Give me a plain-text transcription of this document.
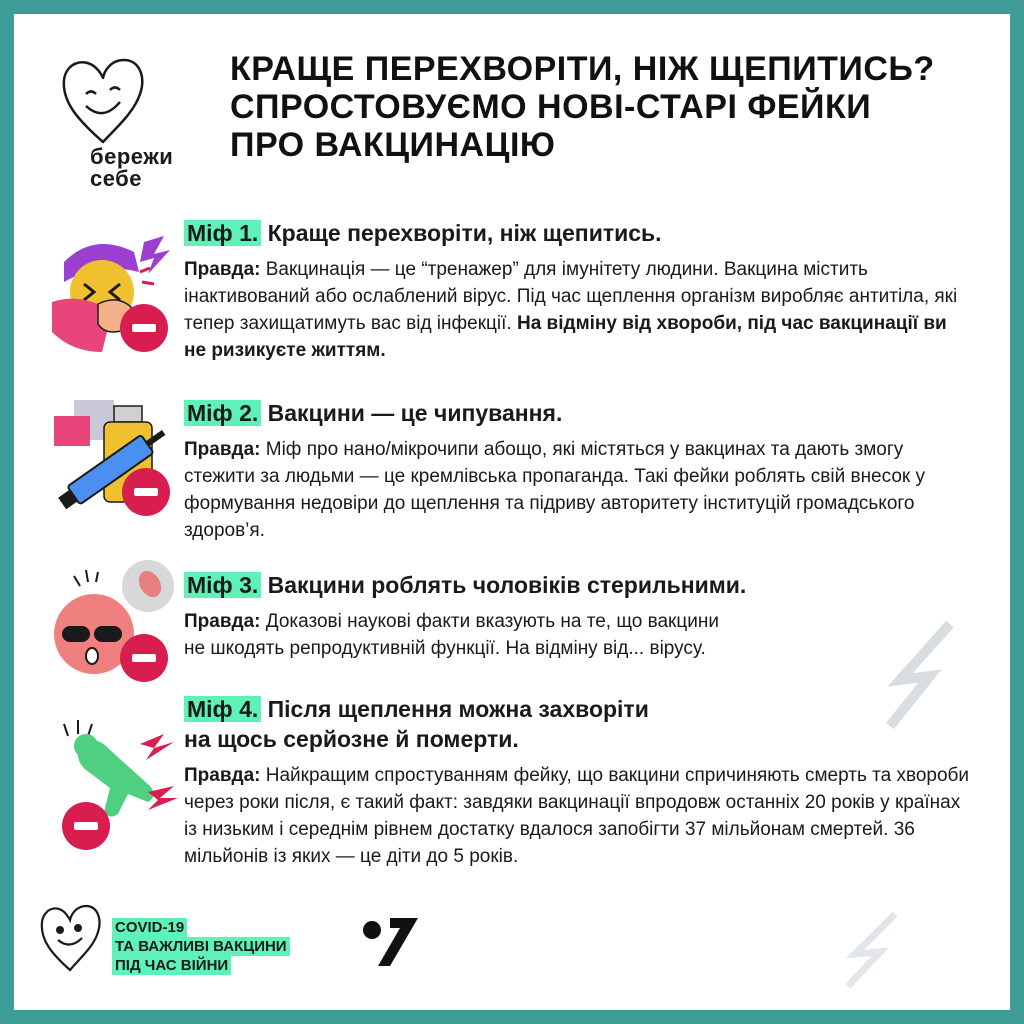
бережи
себе
КРАЩЕ ПЕРЕХВОРІТИ, НІЖ ЩЕПИТИСЬ?
СПРОСТОВУЄМО НОВІ-СТАРІ ФЕЙКИ
ПРО ВАКЦИНАЦІЮ

Міф 1. Краще перехворіти, ніж щепитись.

Правда: Вакцинація — це “тренажер” для імунітету людини. Вакцина містить інактивований або ослаблений вірус. Під час щеплення організм виробляє антитіла, які тепер захищатимуть вас від інфекції. На відміну від хвороби, під час вакцинації ви не ризикуєте життям.

Міф 2. Вакцини — це чипування.

Правда: Міф про нано/мікрочипи абощо, які містяться у вакцинах та дають змогу стежити за людьми — це кремлівська пропаганда. Такі фейки роблять свій внесок у формування недовіри до щеплення та підриву авторитету інституцій громадського здоров’я.

Міф 3. Вакцини роблять чоловіків стерильними.

Правда: Доказові наукові факти вказують на те, що вакцини
не шкодять репродуктивній функції. На відміну від... вірусу.

Міф 4. Після щеплення можна захворіти
на щось серйозне й померти.

Правда: Найкращим спростуванням фейку, що вакцини спричиняють смерть та хвороби через роки після, є такий факт: завдяки вакцинації впродовж останніх 20 років у країнах із низьким і середнім рівнем достатку вдалося запобігти 37 мільйонам смертей. 36 мільйонів із яких — це діти до 5 років.
COVID-19
ТА ВАЖЛИВІ ВАКЦИНИ
ПІД ЧАС ВІЙНИ
